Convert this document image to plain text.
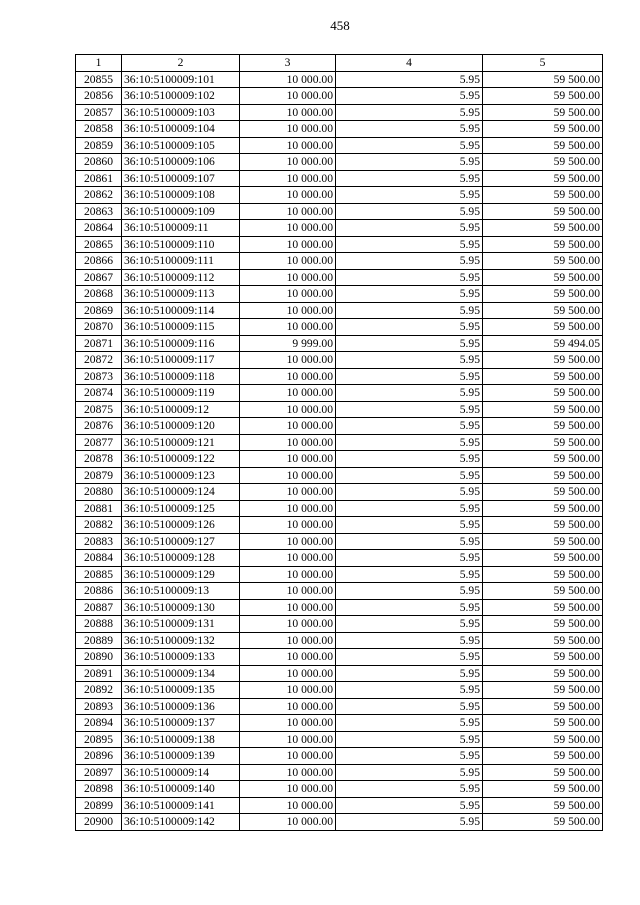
458
1	2	3	4	5
20855	36:10:5100009:101	10 000.00	5.95	59 500.00
20856	36:10:5100009:102	10 000.00	5.95	59 500.00
20857	36:10:5100009:103	10 000.00	5.95	59 500.00
20858	36:10:5100009:104	10 000.00	5.95	59 500.00
20859	36:10:5100009:105	10 000.00	5.95	59 500.00
20860	36:10:5100009:106	10 000.00	5.95	59 500.00
20861	36:10:5100009:107	10 000.00	5.95	59 500.00
20862	36:10:5100009:108	10 000.00	5.95	59 500.00
20863	36:10:5100009:109	10 000.00	5.95	59 500.00
20864	36:10:5100009:11	10 000.00	5.95	59 500.00
20865	36:10:5100009:110	10 000.00	5.95	59 500.00
20866	36:10:5100009:111	10 000.00	5.95	59 500.00
20867	36:10:5100009:112	10 000.00	5.95	59 500.00
20868	36:10:5100009:113	10 000.00	5.95	59 500.00
20869	36:10:5100009:114	10 000.00	5.95	59 500.00
20870	36:10:5100009:115	10 000.00	5.95	59 500.00
20871	36:10:5100009:116	9 999.00	5.95	59 494.05
20872	36:10:5100009:117	10 000.00	5.95	59 500.00
20873	36:10:5100009:118	10 000.00	5.95	59 500.00
20874	36:10:5100009:119	10 000.00	5.95	59 500.00
20875	36:10:5100009:12	10 000.00	5.95	59 500.00
20876	36:10:5100009:120	10 000.00	5.95	59 500.00
20877	36:10:5100009:121	10 000.00	5.95	59 500.00
20878	36:10:5100009:122	10 000.00	5.95	59 500.00
20879	36:10:5100009:123	10 000.00	5.95	59 500.00
20880	36:10:5100009:124	10 000.00	5.95	59 500.00
20881	36:10:5100009:125	10 000.00	5.95	59 500.00
20882	36:10:5100009:126	10 000.00	5.95	59 500.00
20883	36:10:5100009:127	10 000.00	5.95	59 500.00
20884	36:10:5100009:128	10 000.00	5.95	59 500.00
20885	36:10:5100009:129	10 000.00	5.95	59 500.00
20886	36:10:5100009:13	10 000.00	5.95	59 500.00
20887	36:10:5100009:130	10 000.00	5.95	59 500.00
20888	36:10:5100009:131	10 000.00	5.95	59 500.00
20889	36:10:5100009:132	10 000.00	5.95	59 500.00
20890	36:10:5100009:133	10 000.00	5.95	59 500.00
20891	36:10:5100009:134	10 000.00	5.95	59 500.00
20892	36:10:5100009:135	10 000.00	5.95	59 500.00
20893	36:10:5100009:136	10 000.00	5.95	59 500.00
20894	36:10:5100009:137	10 000.00	5.95	59 500.00
20895	36:10:5100009:138	10 000.00	5.95	59 500.00
20896	36:10:5100009:139	10 000.00	5.95	59 500.00
20897	36:10:5100009:14	10 000.00	5.95	59 500.00
20898	36:10:5100009:140	10 000.00	5.95	59 500.00
20899	36:10:5100009:141	10 000.00	5.95	59 500.00
20900	36:10:5100009:142	10 000.00	5.95	59 500.00
